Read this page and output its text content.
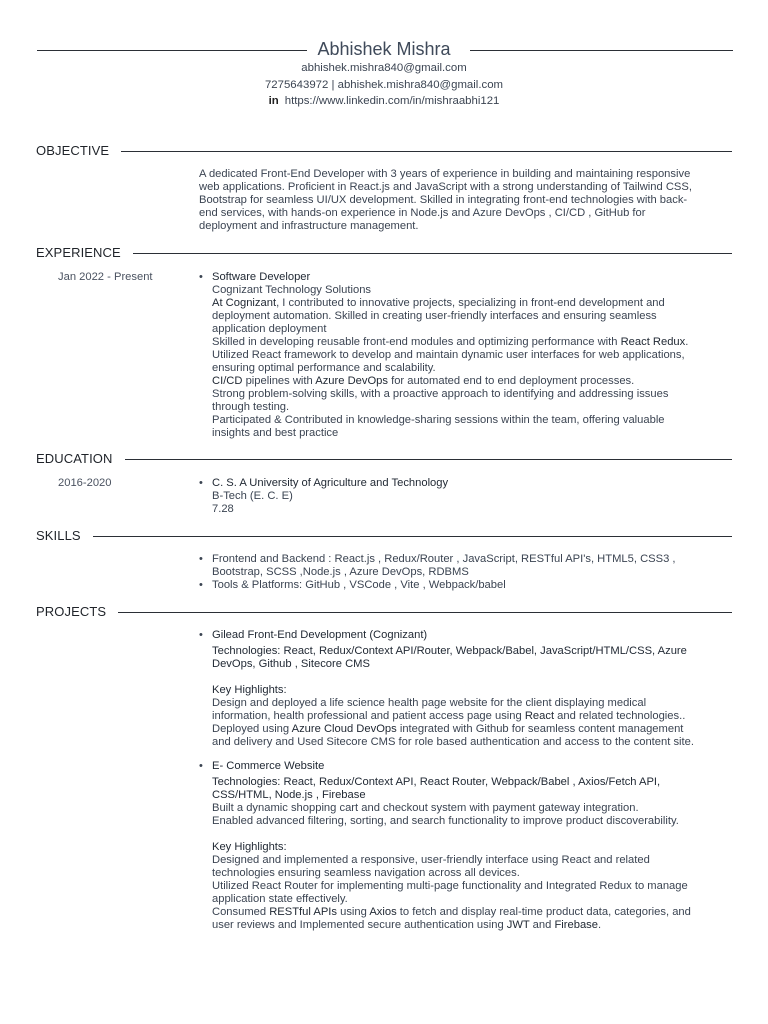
Abhishek Mishra
abhishek.mishra840@gmail.com
7275643972 | abhishek.mishra840@gmail.com
in https://www.linkedin.com/in/mishraabhi121
OBJECTIVE
A dedicated Front-End Developer with 3 years of experience in building and maintaining responsive
web applications. Proficient in React.js and JavaScript with a strong understanding of Tailwind CSS,
Bootstrap for seamless UI/UX development. Skilled in integrating front-end technologies with back-
end services, with hands-on experience in Node.js and Azure DevOps , CI/CD , GitHub for
deployment and infrastructure management.
EXPERIENCE
Jan 2022 - Present	• Software Developer
Cognizant Technology Solutions
At Cognizant, I contributed to innovative projects, specializing in front-end development and
deployment automation. Skilled in creating user-friendly interfaces and ensuring seamless
application deployment
Skilled in developing reusable front-end modules and optimizing performance with React Redux.
Utilized React framework to develop and maintain dynamic user interfaces for web applications,
ensuring optimal performance and scalability.
CI/CD pipelines with Azure DevOps for automated end to end deployment processes.
Strong problem-solving skills, with a proactive approach to identifying and addressing issues
through testing.
Participated & Contributed in knowledge-sharing sessions within the team, offering valuable
insights and best practice
EDUCATION
2016-2020	• C. S. A University of Agriculture and Technology
B-Tech (E. C. E)
7.28
SKILLS
•
•
Frontend and Backend : React.js , Redux/Router , JavaScript, RESTful API's, HTML5, CSS3 ,
Bootstrap, SCSS ,Node.js , Azure DevOps, RDBMS
Tools & Platforms: GitHub , VSCode , Vite , Webpack/babel
PROJECTS
• Gilead Front-End Development (Cognizant)
Technologies: React, Redux/Context API/Router, Webpack/Babel, JavaScript/HTML/CSS, Azure
DevOps, Github , Sitecore CMS
Key Highlights:
Design and deployed a life science health page website for the client displaying medical
information, health professional and patient access page using React and related technologies..
Deployed using Azure Cloud DevOps integrated with Github for seamless content management
and delivery and Used Sitecore CMS for role based authentication and access to the content site.
• E- Commerce Website
Technologies: React, Redux/Context API, React Router, Webpack/Babel , Axios/Fetch API,
CSS/HTML, Node.js , Firebase
Built a dynamic shopping cart and checkout system with payment gateway integration.
Enabled advanced filtering, sorting, and search functionality to improve product discoverability.
Key Highlights:
Designed and implemented a responsive, user-friendly interface using React and related
technologies ensuring seamless navigation across all devices.
Utilized React Router for implementing multi-page functionality and Integrated Redux to manage
application state effectively.
Consumed RESTful APIs using Axios to fetch and display real-time product data, categories, and
user reviews and Implemented secure authentication using JWT and Firebase.
